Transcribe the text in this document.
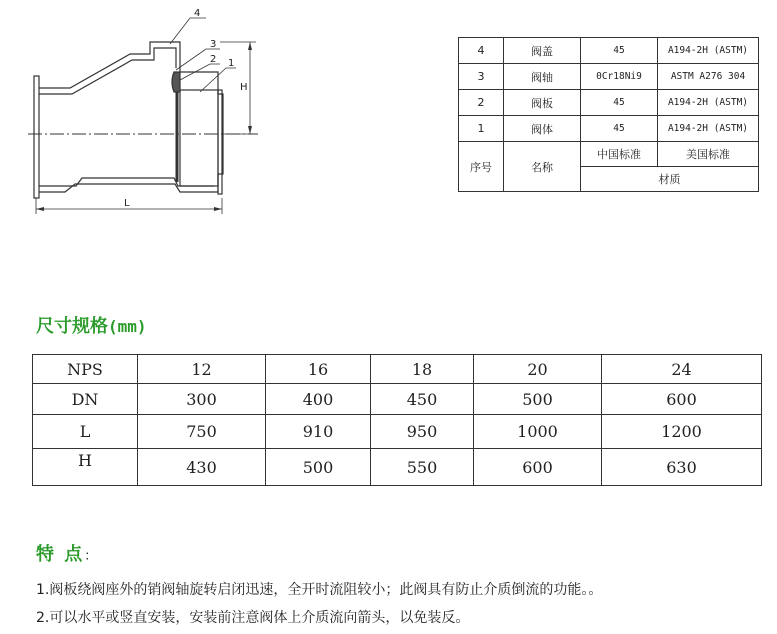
4
3
2 1
H
L
4	阀盖	45	A194-2H (ASTM)
3	阀轴	0Cr18Ni9	ASTM A276 304
2	阀板	45	A194-2H (ASTM)
1	阀体	45	A194-2H (ASTM)
序号	名称	中国标准	美国标准
		材质	
尺寸规格(mm)
NPS	12	16	18	20	24
DN	300	400	450	500	600
L	750	910	950	1000	1200
H	430	500	550	600	630
特 点：
1.阀板绕阀座外的销阀轴旋转启闭迅速，全开时流阻较小；此阀具有防止介质倒流的功能。。
2.可以水平或竖直安装，安装前注意阀体上介质流向箭头，以免装反。
